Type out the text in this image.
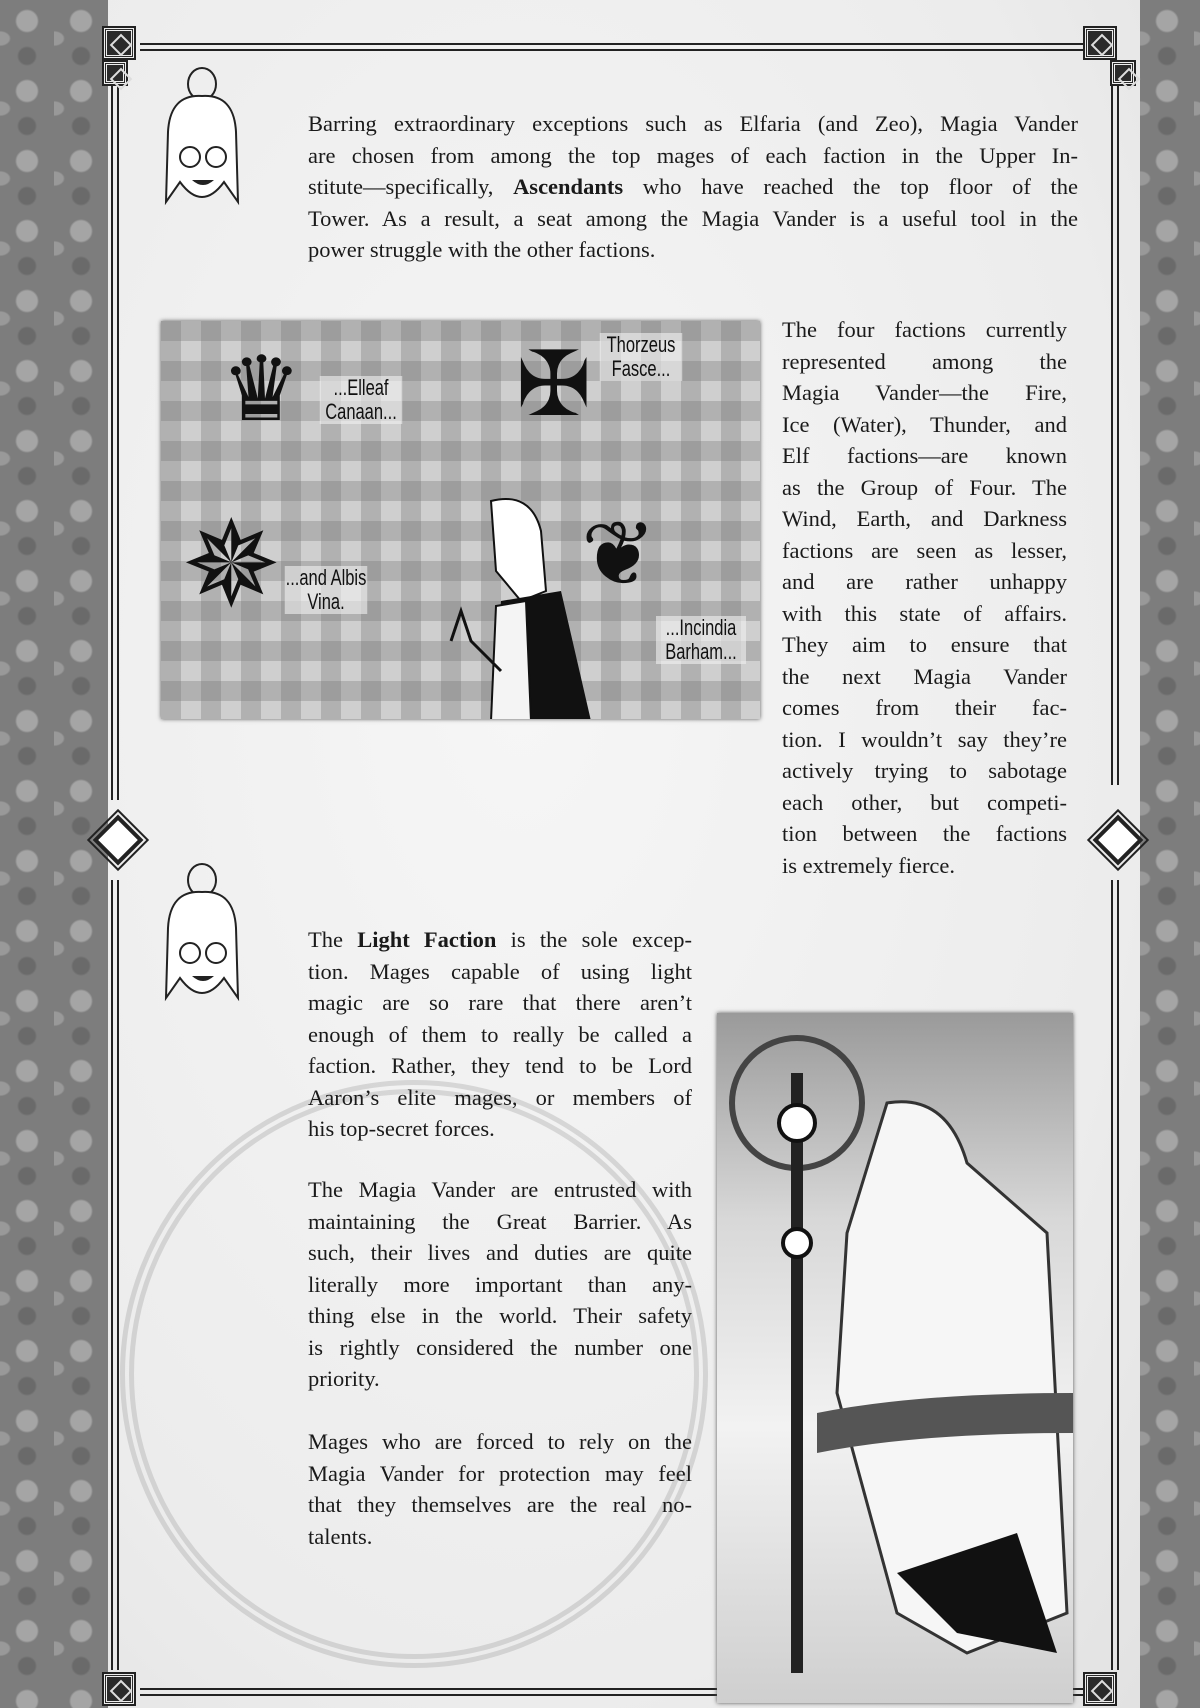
Barring extraordinary exceptions such as Elfaria (and Zeo), Magia Vander
are chosen from among the top mages of each faction in the Upper In-
stitute—specifically, Ascendants who have reached the top floor of the
Tower. As a result, a seat among the Magia Vander is a useful tool in the
power struggle with the other factions.
♛ ✠
✵	❦
...Elleaf Canaan...
Thorzeus Fasce...
...and Albis Vina.
...Incindia Barham...
The four factions currently
represented among the
Magia Vander—the Fire,
Ice (Water), Thunder, and
Elf factions—are known
as the Group of Four. The
Wind, Earth, and Darkness
factions are seen as lesser,
and are rather unhappy
with this state of affairs.
They aim to ensure that
the next Magia Vander
comes from their fac-
tion. I wouldn’t say they’re
actively trying to sabotage
each other, but competi-
tion between the factions
is extremely fierce.
The Light Faction is the sole excep-
tion. Mages capable of using light
magic are so rare that there aren’t
enough of them to really be called a
faction. Rather, they tend to be Lord
Aaron’s elite mages, or members of
his top-secret forces.
The Magia Vander are entrusted with
maintaining the Great Barrier. As
such, their lives and duties are quite
literally more important than any-
thing else in the world. Their safety
is rightly considered the number one
priority.
Mages who are forced to rely on the
Magia Vander for protection may feel
that they themselves are the real no-
talents.
